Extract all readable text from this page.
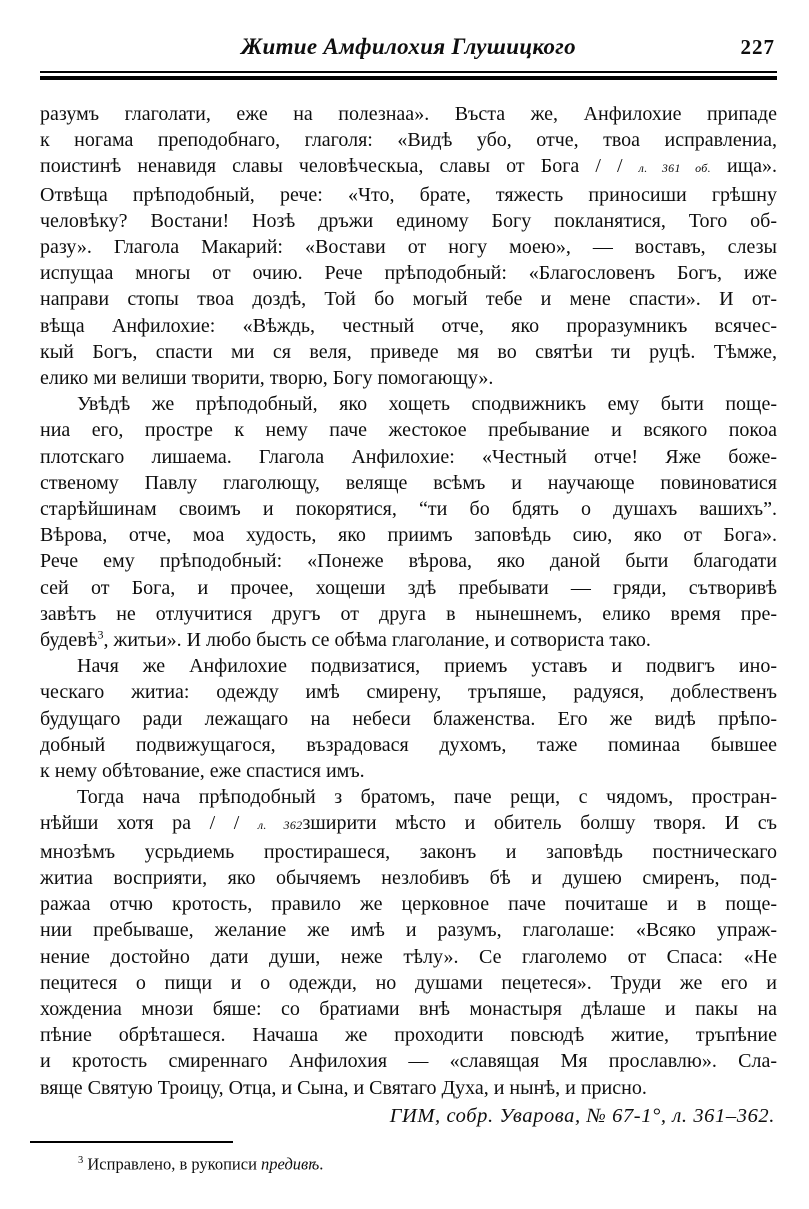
Житие Амфилохия Глушицкого	227
разумъ глаголати, еже на полезнаа». Въста же, Анфилохие припаде
к ногама преподобнаго, глаголя: «Видѣ убо, отче, твоа исправлениа,
поистинѣ ненавидя славы человѣческыа, славы от Бога / / л. 361 об. ища».
Отвѣща прѣподобный, рече: «Что, брате, тяжесть приносиши грѣшну
человѣку? Востани! Нозѣ дръжи единому Богу покланятися, Того об-
разу». Глагола Макарий: «Востави от ногу моею», — воставъ, слезы
испущаа многы от очию. Рече прѣподобный: «Благословенъ Богъ, иже
направи стопы твоа доздѣ, Той бо могый тебе и мене спасти». И от-
вѣща Анфилохие: «Вѣждь, честный отче, яко проразумникъ всячес-
кый Богъ, спасти ми ся веля, приведе мя во святѣи ти руцѣ. Тѣмже,
елико ми велиши творити, творю, Богу помогающу».
Увѣдѣ же прѣподобный, яко хощеть сподвижникъ ему быти поще-
ниа его, простре к нему паче жестокое пребывание и всякого покоа
плотскаго лишаема. Глагола Анфилохие: «Честный отче! Яже боже-
ственому Павлу глаголющу, веляще всѣмъ и научающе повиноватися
старѣйшинам своимъ и покорятися, “ти бо бдять о душахъ вашихъ”.
Вѣрова, отче, моа худость, яко приимъ заповѣдь сию, яко от Бога».
Рече ему прѣподобный: «Понеже вѣрова, яко даной быти благодати
сей от Бога, и прочее, хощеши здѣ пребывати — гряди, сътворивѣ
завѣтъ не отлучитися другъ от друга в нынешнемъ, елико время пре-
будевѣ$^3$, житьи». И любо бысть се обѣма глаголание, и сотвориста тако.
Начя же Анфилохие подвизатися, приемъ уставъ и подвигъ ино-
ческаго житиа: одежду имѣ смирену, тръпяше, радуяся, доблественъ
будущаго ради лежащаго на небеси блаженства. Его же видѣ прѣпо-
добный подвижущагося, възрадовася духомъ, таже поминаа бывшее
к нему обѣтование, еже спастися имъ.
Тогда нача прѣподобный з братомъ, паче рещи, с чядомъ, простран-
нѣйши хотя ра / / л. 362зширити мѣсто и обитель болшу творя. И съ
мнозѣмъ усрьдиемь простирашеся, законъ и заповѣдь постническаго
житиа восприяти, яко обычяемъ незлобивъ бѣ и душею смиренъ, под-
ражаа отчю кротость, правило же церковное паче почиташе и в поще-
нии пребываше, желание же имѣ и разумъ, глаголаше: «Всяко упраж-
нение достойно дати души, неже тѣлу». Се глаголемо от Спаса: «Не
пецитеся о пищи и о одежди, но душами пецетеся». Труди же его и
хождениа мнози бяше: со братиами внѣ монастыря дѣлаше и пакы на
пѣние обрѣташеся. Начаша же проходити повсюдѣ житие, тръпѣние
и кротость смиреннаго Анфилохия — «славящая Мя прославлю». Сла-
вяще Святую Троицу, Отца, и Сына, и Святаго Духа, и нынѣ, и присно.
ГИМ, собр. Уварова, № 67-1°, л. 361–362.
$^3$ Исправлено, в рукописи предивѣ.
